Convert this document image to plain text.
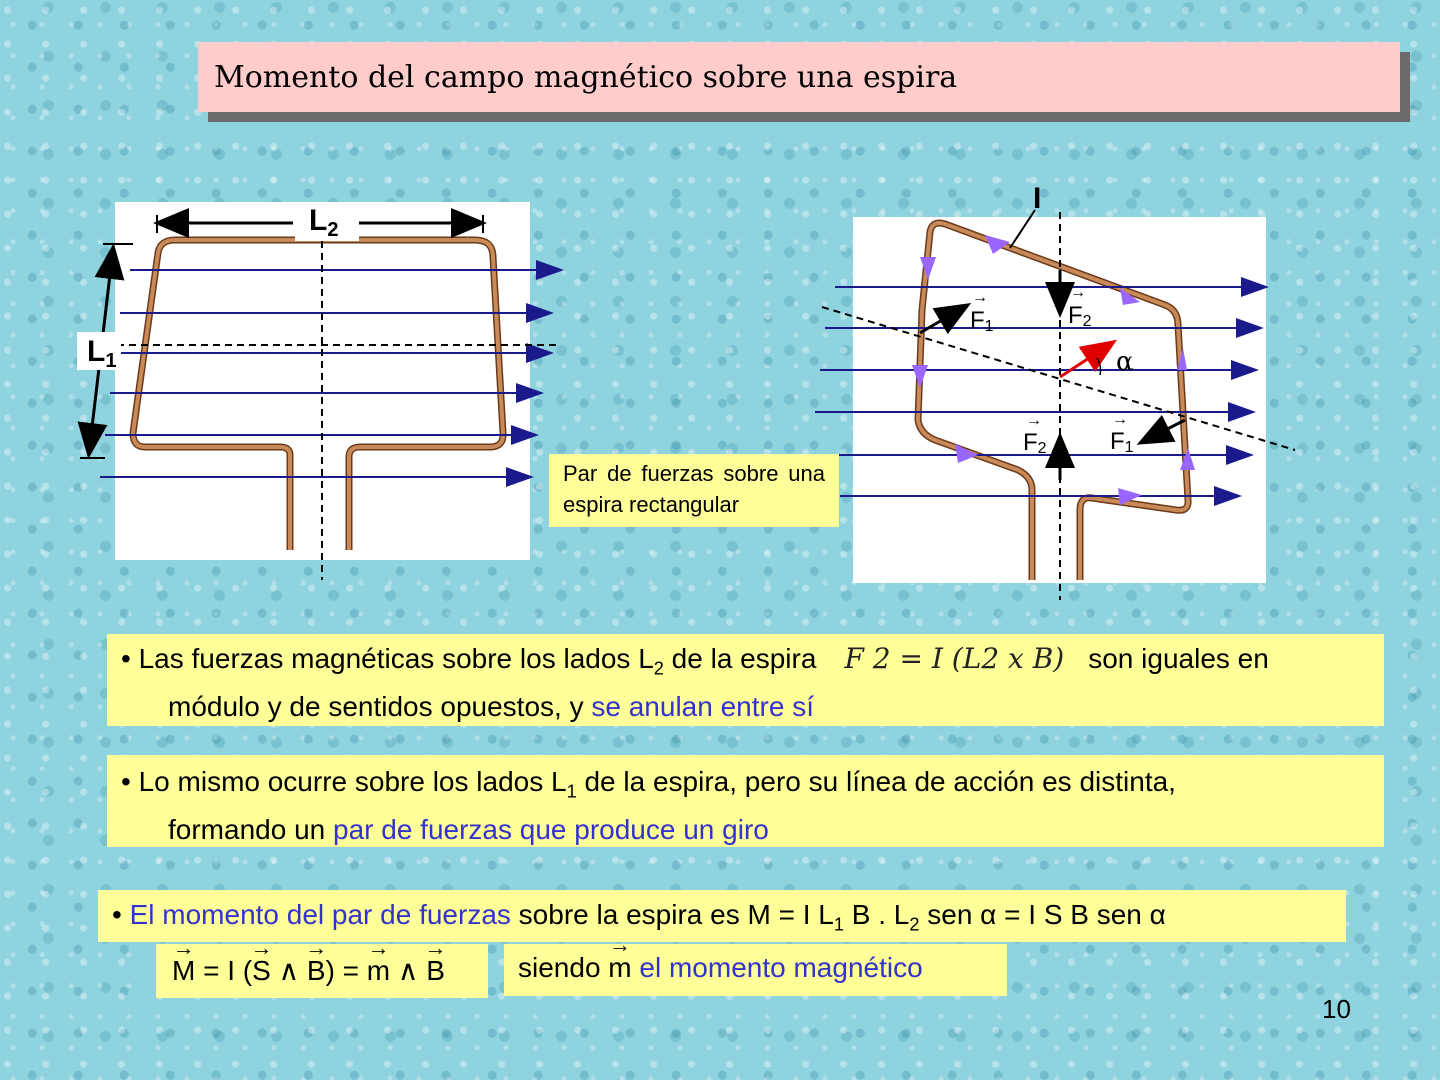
Momento del campo magnético sobre una espira
$L_2$
$L_1$
I
α
F1	F2
F2	F1
→	→
→	→
Par de fuerzas sobre una espira rectangular
• Las fuerzas magnéticas sobre los lados $L_2$ de la espira F 2 = I (L2 x B) son iguales en
módulo y de sentidos opuestos, y se anulan entre sí
• Lo mismo ocurre sobre los lados $L_1$ de la espira, pero su línea de acción es distinta,
formando un par de fuerzas que produce un giro
• El momento del par de fuerzas sobre la espira es M = I $L_1$ B . $L_2$ sen α = I S B sen α
→ M = I (→ S ∧ → B) = → m ∧ → B	siendo → m el momento magnético
10
